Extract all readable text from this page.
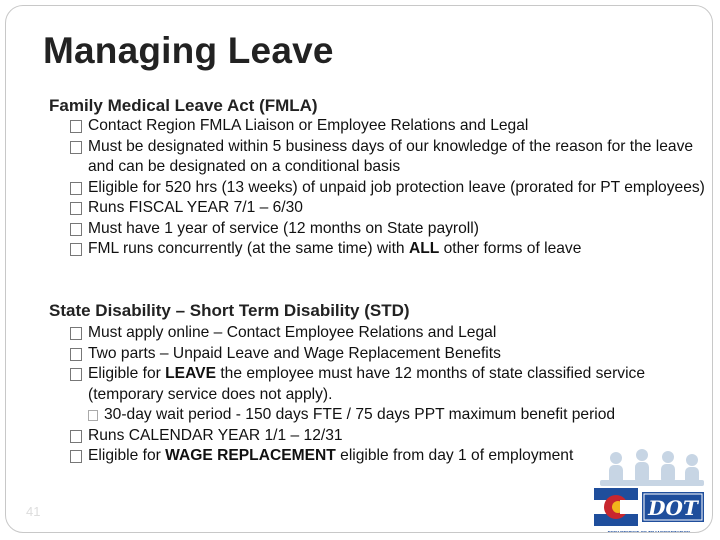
Managing Leave
Family Medical Leave Act (FMLA)
Contact Region FMLA Liaison or Employee Relations and Legal
Must be designated within 5 business days of our knowledge of the reason for the leave and can be designated on a conditional basis
Eligible for 520 hrs (13 weeks) of unpaid job protection leave (prorated for PT employees)
Runs FISCAL YEAR 7/1 – 6/30
Must have 1 year of service (12 months on State payroll)
FML runs concurrently (at the same time) with ALL other forms of leave
State Disability – Short Term Disability (STD)
Must apply online – Contact Employee Relations and Legal
Two parts – Unpaid Leave and Wage Replacement Benefits
Eligible for LEAVE the employee must have 12 months of state classified service (temporary service does not apply).
30-day wait period - 150 days FTE / 75 days PPT maximum benefit period
Runs CALENDAR YEAR 1/1 – 12/31
Eligible for WAGE REPLACEMENT eligible from day 1 of employment
41	DOT
DEPARTMENT OF TRANSPORTATION
